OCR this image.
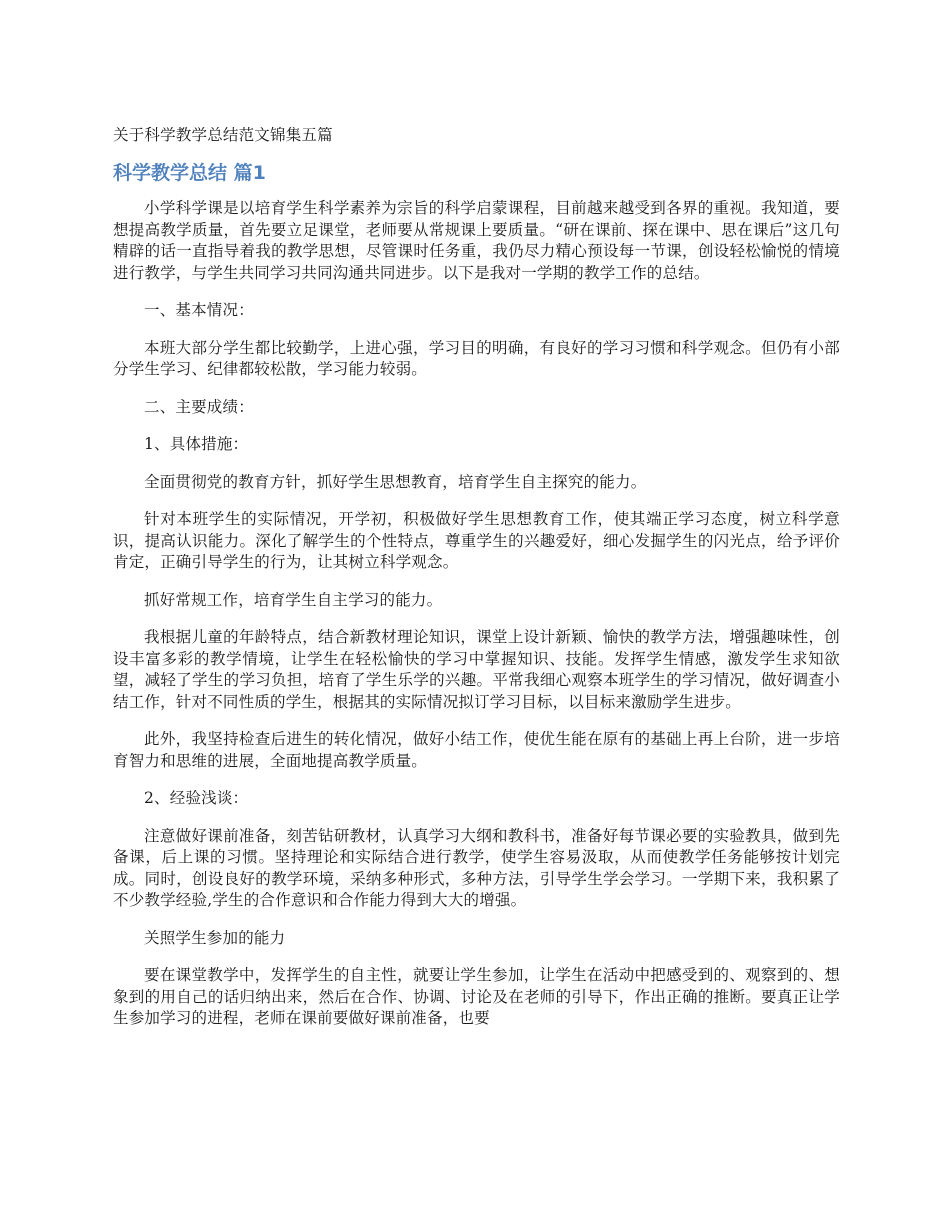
关于科学教学总结范文锦集五篇
科学教学总结 篇1

小学科学课是以培育学生科学素养为宗旨的科学启蒙课程，目前越来越受到各界的重视。我知道，要想提高教学质量，首先要立足课堂，老师要从常规课上要质量。“研在课前、探在课中、思在课后”这几句精辟的话一直指导着我的教学思想，尽管课时任务重，我仍尽力精心预设每一节课，创设轻松愉悦的情境进行教学，与学生共同学习共同沟通共同进步。以下是我对一学期的教学工作的总结。

一、基本情况：

本班大部分学生都比较勤学，上进心强，学习目的明确，有良好的学习习惯和科学观念。但仍有小部分学生学习、纪律都较松散，学习能力较弱。

二、主要成绩：

1、具体措施：

全面贯彻党的教育方针，抓好学生思想教育，培育学生自主探究的能力。

针对本班学生的实际情况，开学初，积极做好学生思想教育工作，使其端正学习态度，树立科学意识，提高认识能力。深化了解学生的个性特点，尊重学生的兴趣爱好，细心发掘学生的闪光点，给予评价肯定，正确引导学生的行为，让其树立科学观念。

抓好常规工作，培育学生自主学习的能力。

我根据儿童的年龄特点，结合新教材理论知识，课堂上设计新颖、愉快的教学方法，增强趣味性，创设丰富多彩的教学情境，让学生在轻松愉快的学习中掌握知识、技能。发挥学生情感，激发学生求知欲望，减轻了学生的学习负担，培育了学生乐学的兴趣。平常我细心观察本班学生的学习情况，做好调查小结工作，针对不同性质的学生，根据其的实际情况拟订学习目标，以目标来激励学生进步。

此外，我坚持检查后进生的转化情况，做好小结工作，使优生能在原有的基础上再上台阶，进一步培育智力和思维的进展，全面地提高教学质量。

2、经验浅谈：

注意做好课前准备，刻苦钻研教材，认真学习大纲和教科书，准备好每节课必要的实验教具，做到先备课，后上课的习惯。坚持理论和实际结合进行教学，使学生容易汲取，从而使教学任务能够按计划完成。同时，创设良好的教学环境，采纳多种形式，多种方法，引导学生学会学习。一学期下来，我积累了不少教学经验,学生的合作意识和合作能力得到大大的增强。

关照学生参加的能力

要在课堂教学中，发挥学生的自主性，就要让学生参加，让学生在活动中把感受到的、观察到的、想象到的用自己的话归纳出来，然后在合作、协调、讨论及在老师的引导下，作出正确的推断。要真正让学生参加学习的进程，老师在课前要做好课前准备，也要
